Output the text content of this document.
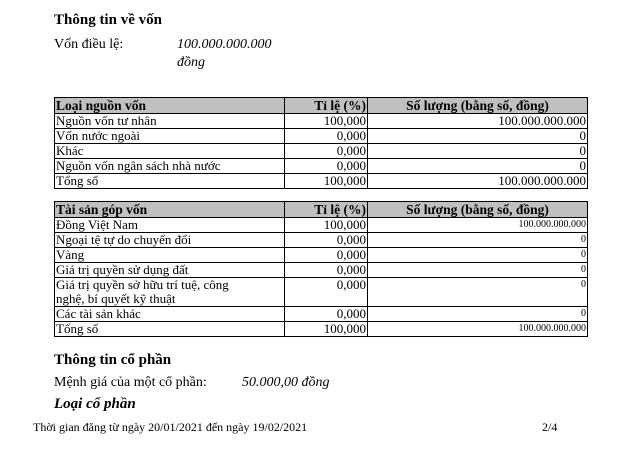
Thông tin về vốn
Vốn điều lệ:	100.000.000.000
đồng
Loại nguồn vốn	Tỉ lệ (%)	Số lượng (bằng số, đồng)
Nguồn vốn tư nhân	100,000	100.000.000.000
Vốn nước ngoài	0,000	0
Khác	0,000	0
Nguồn vốn ngân sách nhà nước	0,000	0
Tổng số	100,000	100.000.000.000
Tài sản góp vốn	Tỉ lệ (%)	Số lượng (bằng số, đồng)
Đồng Việt Nam	100,000	100.000.000.000
Ngoại tệ tự do chuyển đổi	0,000	0
Vàng	0,000	0
Giá trị quyền sử dụng đất	0,000	0
Giá trị quyền sở hữu trí tuệ, công	0,000	0
nghệ, bí quyết kỹ thuật		
Các tài sản khác	0,000	0
Tổng số	100,000	100.000.000.000
Thông tin cổ phần
Mệnh giá của một cổ phần:	50.000,00 đồng
Loại cổ phần
Thời gian đăng từ ngày 20/01/2021 đến ngày 19/02/2021	2/4
